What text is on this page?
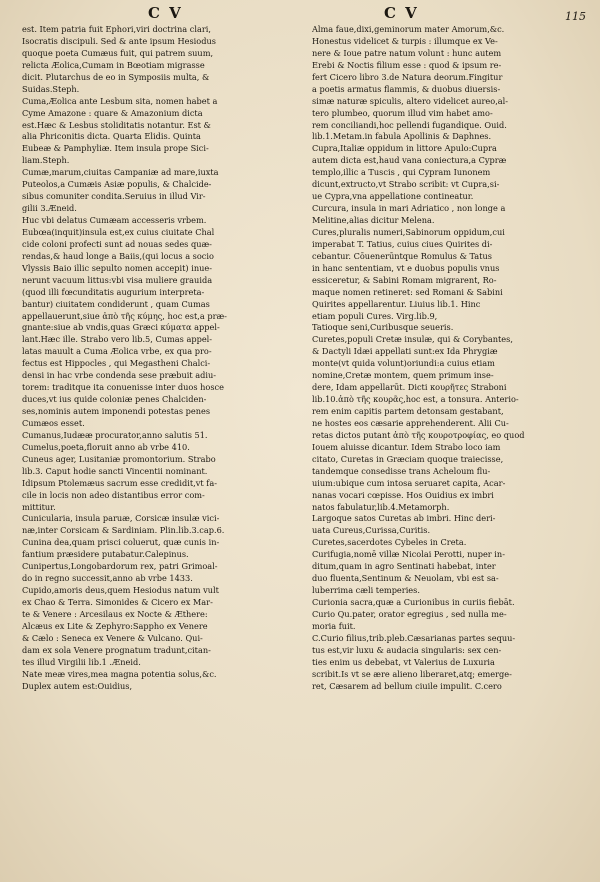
C V	C V	115
est. Item patria fuit Ephori,viri doctrina clari,
Isocratis discipuli. Sed & ante ipsum Hesiodus
quoque poeta Cumæus fuit, qui patrem suum,
relicta Æolica,Cumam in Bœotiam migrasse
dicit. Plutarchus de eo in Symposiis multa, &
Suidas.Steph.
Cuma,Æolica ante Lesbum sita, nomen habet a
Cyme Amazone : quare & Amazonium dicta
est.Hæc & Lesbus stoliditatis notantur. Est &
alia Phriconitis dicta. Quarta Elidis. Quinta
Eubeæ & Pamphyliæ. Item insula prope Sici-
liam.Steph.
Cumæ,marum,ciuitas Campaniæ ad mare,iuxta
Puteolos,a Cumæis Asiæ populis, & Chalcide-
sibus comuniter condita.Seruius in illud Vir-
gilii 3.Æneid.
Huc vbi delatus Cumæam accesseris vrbem.
Eubœa(inquit)insula est,ex cuius ciuitate Chal
cide coloni profecti sunt ad nouas sedes quæ-
rendas,& haud longe a Baiis,(qui locus a socio
Vlyssis Baio illic sepulto nomen accepit) inue-
nerunt vacuum littus:vbi visa muliere grauida
(quod illi fœcunditatis augurium interpreta-
bantur) ciuitatem condiderunt , quam Cumas
appellauerunt,siue ἀπὸ τῆς κύμης, hoc est,a præ-
gnante:siue ab vndis,quas Græci κύματα appel-
lant.Hæc ille. Strabo vero lib.5, Cumas appel-
latas mauult a Cuma Æolica vrbe, ex qua pro-
fectus est Hippocles , qui Megastheni Chalci-
densi in hac vrbe condenda sese præbuit adiu-
torem: traditque ita conuenisse inter duos hosce
duces,vt ius quide coloniæ penes Chalciden-
ses,nominis autem imponendi potestas penes
Cumæos esset.
Cumanus,Iudææ procurator,anno salutis 51.
Cumelus,poeta,floruit anno ab vrbe 410.
Cuneus ager, Lusitaniæ promontorium. Strabo
lib.3. Caput hodie sancti Vincentii nominant.
Idipsum Ptolemæus sacrum esse credidit,vt fa-
cile in locis non adeo distantibus error com-
mittitur.
Cunicularia, insula paruæ, Corsicæ insulæ vici-
næ,inter Corsicam & Sardiniam. Plin.lib.3.cap.6.
Cunina dea,quam prisci coluerut, quæ cunis in-
fantium præsidere putabatur.Calepinus.
Cunipertus,Longobardorum rex, patri Grimoal-
do in regno successit,anno ab vrbe 1433.
Cupido,amoris deus,quem Hesiodus natum vult
ex Chao & Terra. Simonides & Cicero ex Mar-
te & Venere : Arcesilaus ex Nocte & Æthere:
Alcæus ex Lite & Zephyro:Sappho ex Venere
& Cælo : Seneca ex Venere & Vulcano. Qui-
dam ex sola Venere prognatum tradunt,citan-
tes illud Virgilii lib.1 .Æneid.
Nate meæ vires,mea magna potentia solus,&c.
Duplex autem est:Ouidius,
Alma faue,dixi,geminorum mater Amorum,&c.
Honestus videlicet & turpis : illumque ex Ve-
nere & Ioue patre natum volunt : hunc autem
Erebi & Noctis filium esse : quod & ipsum re-
fert Cicero libro 3.de Natura deorum.Fingitur
a poetis armatus flammis, & duobus diuersis-
simæ naturæ spiculis, altero videlicet aureo,al-
tero plumbeo, quorum illud vim habet amo-
rem conciliandi,hoc pellendi fugandique. Ouid.
lib.1.Metam.in fabula Apollinis & Daphnes.
Cupra,Italiæ oppidum in littore Apulo:Cupra
autem dicta est,haud vana coniectura,a Cypræ
templo,illic a Tuscis , qui Cypram Iunonem
dicunt,extructo,vt Strabo scribit: vt Cupra,si-
ue Cypra,vna appellatione contineatur.
Curcura, insula in mari Adriatico , non longe a
Melitine,alias dicitur Melena.
Cures,pluralis numeri,Sabinorum oppidum,cui
imperabat T. Tatius, cuius ciues Quirites di-
cebantur. Cōuenerūntque Romulus & Tatus
in hanc sententiam, vt e duobus populis vnus
essiceretur, & Sabini Romam migrarent, Ro-
maque nomen retineret: sed Romani & Sabini
Quirites appellarentur. Liuius lib.1. Hinc
etiam populi Cures. Virg.lib.9,
Tatioque seni,Curibusque seueris.
Curetes,populi Cretæ insulæ, qui & Corybantes,
& Dactyli Idæi appellati sunt:ex Ida Phrygiæ
monte(vt quida volunt)oriundi:a cuius etiam
nomine,Cretæ montem, quem primum inse-
dere, Idam appellarūt. Dicti κουρῆτες Straboni
lib.10.ἀπὸ τῆς κουρᾶς,hoc est, a tonsura. Anterio-
rem enim capitis partem detonsam gestabant,
ne hostes eos cæsarie apprehenderent. Alii Cu-
retas dictos putant ἀπὸ τῆς κουροτροφίας, eo quod
Iouem aluisse dicantur. Idem Strabo loco iam
citato, Curetas in Græciam quoque traiecisse,
tandemque consedisse trans Acheloum flu-
uium:ubique cum intosa seruaret capita, Acar-
nanas vocari cœpisse. Hos Ouidius ex imbri
natos fabulatur,lib.4.Metamorph.
Largoque satos Curetas ab imbri. Hinc deri-
uata Cureus,Curissa,Curitis.
Curetes,sacerdotes Cybeles in Creta.
Curifugia,nomē villæ Nicolai Perotti, nuper in-
ditum,quam in agro Sentinati habebat, inter
duo fluenta,Sentinum & Neuolam, vbi est sa-
luberrima cæli temperies.
Curionia sacra,quæ a Curionibus in curiis fiebāt.
Curio Qu.pater, orator egregius , sed nulla me-
moria fuit.
C.Curio filius,trib.pleb.Cæsarianas partes sequu-
tus est,vir luxu & audacia singularis: sex cen-
ties enim us debebat, vt Valerius de Luxuria
scribit.Is vt se ære alieno liberaret,atq; emerge-
ret, Cæsarem ad bellum ciuile impulit. C.cero
